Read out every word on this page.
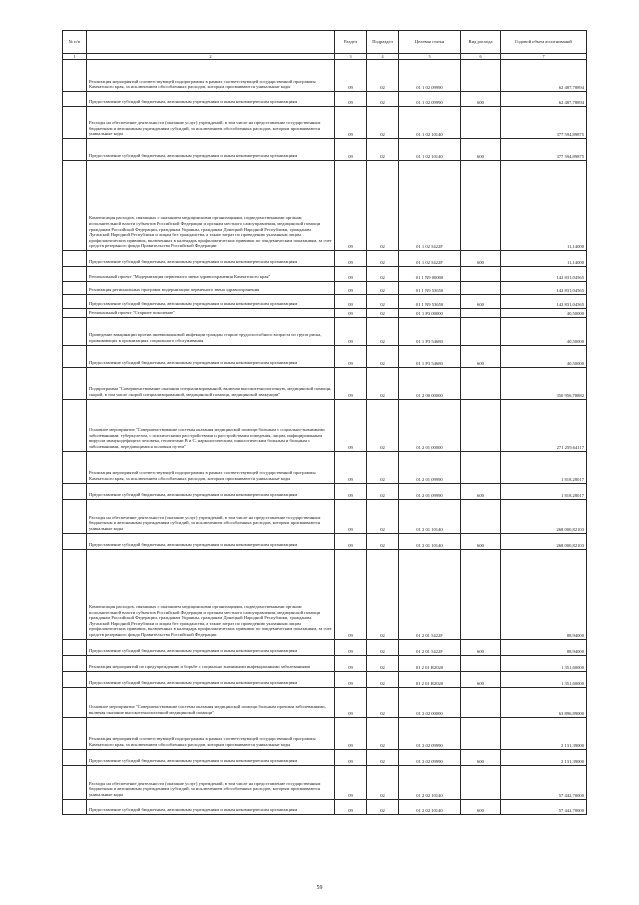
№ п/п		Раздел	Подраздел	Целевая статья	Вид расхода	Годовой объем ассигнований
1	2	3	4	5	6	7
	Реализация мероприятий соответствующей подпрограммы в рамках соответствующей государственной программы Камчатского края, за исключением обособленных расходов, которым присваиваются уникальные коды	09	02	01 1 02 09990		62 487,78894
	Предоставление субсидий бюджетным, автономным учреждениям и иным некоммерческим организациям	09	02	01 1 02 09990	600	62 487,78894
	Расходы на обеспечение деятельности (оказание услуг) учреждений, в том числе на предоставление государственным бюджетным и автономным учреждениям субсидий, за исключением обособленных расходов, которым присваиваются уникальные коды	09	02	01 1 02 10140		377 594,89875
	Предоставление субсидий бюджетным, автономным учреждениям и иным некоммерческим организациям	09	02	01 1 02 10140	600	377 594,89875
	Компенсация расходов, связанных с оказанием медицинскими организациями, подведомственными органам исполнительной власти субъектов Российской Федерации и органам местного самоуправления, медицинской помощи гражданам Российской Федерации, гражданам Украины, гражданам Донецкой Народной Республики, гражданам Луганской Народной Республики и лицам без гражданства, а также затрат по проведению указанным лицам профилактических прививок, включенных в календарь профилактических прививок по эпидемическим показаниям, за счет средств резервного фонда Правительства Российской Федерации	09	02	01 1 02 5422F		11,14000
	Предоставление субсидий бюджетным, автономным учреждениям и иным некоммерческим организациям	09	02	01 1 02 5422F	600	11,14000
	Региональный проект "Модернизация первичного звена здравоохранения Камчатского края"	09	02	01 1 N9 00000		142 831,04565
	Реализация региональных программ модернизации первичного звена здравоохранения	09	02	01 1 N9 53650		142 831,04565
	Предоставление субсидий бюджетным, автономным учреждениям и иным некоммерческим организациям	09	02	01 1 N9 53650	600	142 831,04565
	Региональный проект "Старшее поколение"	09	02	01 1 P3 00000		40,50000
	Проведение вакцинации против пневмококковой инфекции граждан старше трудоспособного возраста из групп риска, проживающих в организациях социального обслуживания	09	02	01 1 P3 54680		40,50000
	Предоставление субсидий бюджетным, автономным учреждениям и иным некоммерческим организациям	09	02	01 1 P3 54680	600	40,50000
	Подпрограмма "Совершенствование оказания специализированной, включая высокотехнологичную, медицинской помощи, скорой, в том числе скорой специализированной, медицинской помощи, медицинской эвакуации"	09	02	01 2 00 00000		350 956,78882
	Основное мероприятие "Совершенствование системы оказания медицинской помощи больным с социально-значимыми заболеваниями: туберкулезом, с психическими расстройствами и расстройствами поведения, лицам, инфицированным вирусом иммунодефицита человека, гепатитами В и С, наркологическим, онкологическим больным и больным с заболеваниями, передающимися половым путем"	09	02	01 2 01 00000		271 259,64117
	Реализация мероприятий соответствующей подпрограммы в рамках соответствующей государственной программы Камчатского края, за исключением обособленных расходов, которым присваиваются уникальные коды	09	02	01 2 01 09990		1 818,28017
	Предоставление субсидий бюджетным, автономным учреждениям и иным некоммерческим организациям	09	02	01 2 01 09990	600	1 818,28017
	Расходы на обеспечение деятельности (оказание услуг) учреждений, в том числе на предоставление государственным бюджетным и автономным учреждениям субсидий, за исключением обособленных расходов, которым присваиваются уникальные коды	09	02	01 2 01 10140		268 000,82103
	Предоставление субсидий бюджетным, автономным учреждениям и иным некоммерческим организациям	09	02	01 2 01 10140	600	268 000,82103
	Компенсация расходов, связанных с оказанием медицинскими организациями, подведомственными органам исполнительной власти субъектов Российской Федерации и органам местного самоуправления, медицинской помощи гражданам Российской Федерации, гражданам Украины, гражданам Донецкой Народной Республики, гражданам Луганской Народной Республики и лицам без гражданства, а также затрат по проведению указанным лицам профилактических прививок, включенных в календарь профилактических прививок по эпидемическим показаниям, за счет средств резервного фонда Правительства Российской Федерации	09	02	01 2 01 5422F		88,94000
	Предоставление субсидий бюджетным, автономным учреждениям и иным некоммерческим организациям	09	02	01 2 01 5422F	600	88,94000
	Реализация мероприятий по предупреждению и борьбе с социально значимыми инфекционными заболеваниями	09	02	01 2 01 R2020		1 351,60000
	Предоставление субсидий бюджетным, автономным учреждениям и иным некоммерческим организациям	09	02	01 2 01 R2020	600	1 351,60000
	Основное мероприятие "Совершенствование системы оказания медицинской помощи больным прочими заболеваниями, включая оказание высокотехнологичной медицинской помощи"	09	02	01 2 02 00000		63 896,89000
	Реализация мероприятий соответствующей подпрограммы в рамках соответствующей государственной программы Камчатского края, за исключением обособленных расходов, которым присваиваются уникальные коды	09	02	01 2 02 09990		2 131,39000
	Предоставление субсидий бюджетным, автономным учреждениям и иным некоммерческим организациям	09	02	01 2 02 09990	600	2 131,39000
	Расходы на обеспечение деятельности (оказание услуг) учреждений, в том числе на предоставление государственным бюджетным и автономным учреждениям субсидий, за исключением обособленных расходов, которым присваиваются уникальные коды	09	02	01 2 02 10140		57 442,70000
	Предоставление субсидий бюджетным, автономным учреждениям и иным некоммерческим организациям	09	02	01 2 02 10140	600	57 442,70000
59
